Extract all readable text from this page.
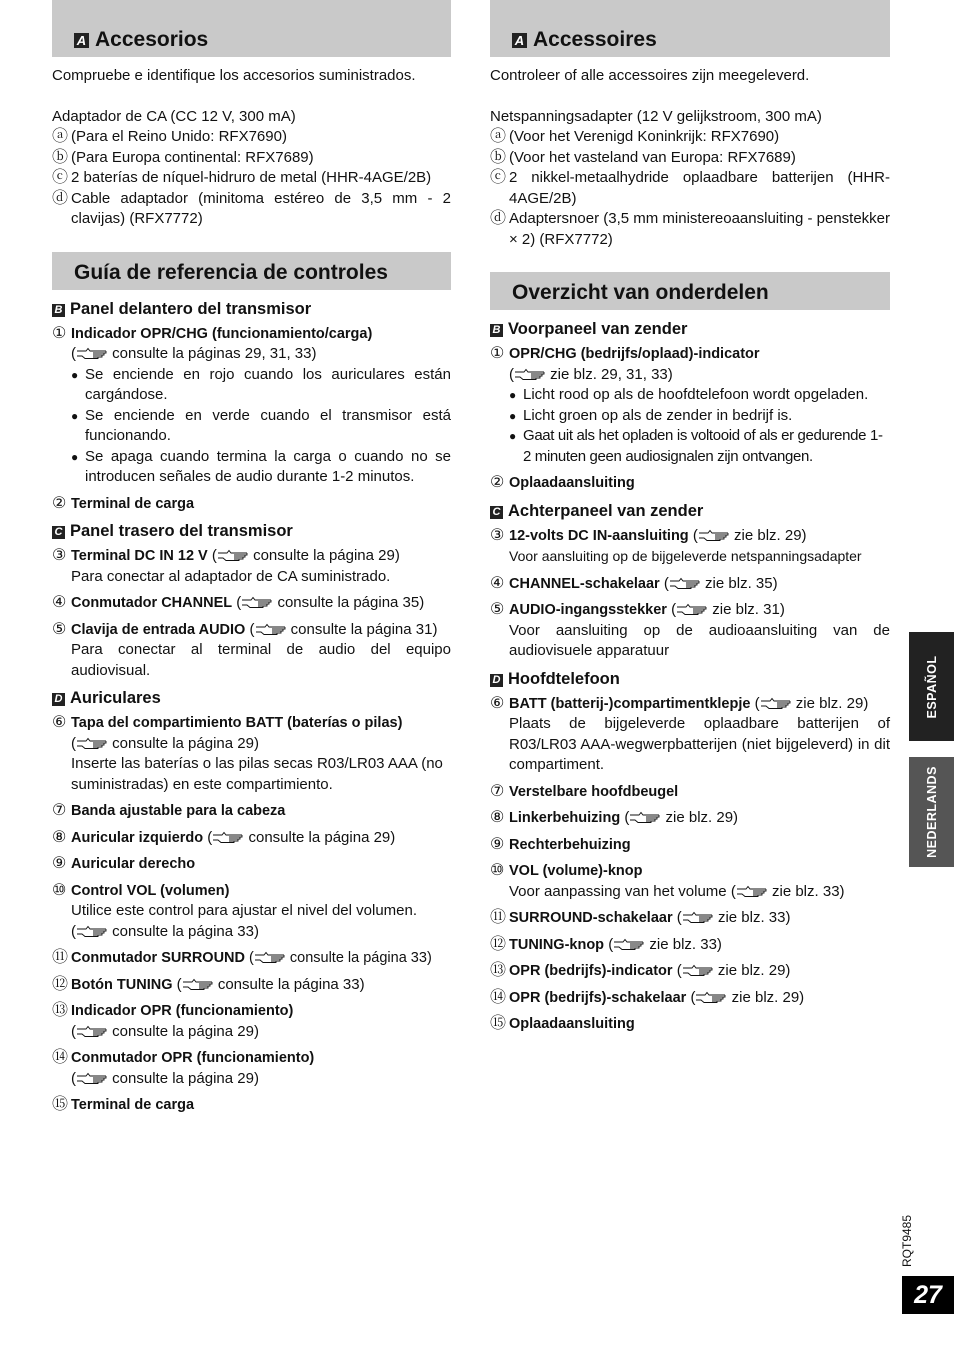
A Accesorios

Compruebe e identifique los accesorios suministrados.

Adaptador de CA (CC 12 V, 300 mA)

ⓐ (Para el Reino Unido: RFX7690)
ⓑ (Para Europa continental: RFX7689)
ⓒ 2 baterías de níquel-hidruro de metal (HHR-4AGE/2B)
ⓓ Cable adaptador (minitoma estéreo de 3,5 mm - 2 clavijas) (RFX7772)
Guía de referencia de controles
B Panel delantero del transmisor
① Indicador OPR/CHG (funcionamiento/carga)
( consulte la páginas 29, 31, 33)
● Se enciende en rojo cuando los auriculares están cargándose.
● Se enciende en verde cuando el transmisor está funcionando.
● Se apaga cuando termina la carga o cuando no se introducen señales de audio durante 1-2 minutos.
② Terminal de carga
C Panel trasero del transmisor
③ Terminal DC IN 12 V ( consulte la página 29)
Para conectar al adaptador de CA suministrado.
④ Conmutador CHANNEL ( consulte la página 35)
⑤ Clavija de entrada AUDIO ( consulte la página 31)
Para conectar al terminal de audio del equipo audiovisual.
D Auriculares
⑥ Tapa del compartimiento BATT (baterías o pilas)
( consulte la página 29)
Inserte las baterías o las pilas secas R03/LR03 AAA (no suministradas) en este compartimiento.
⑦ Banda ajustable para la cabeza
⑧ Auricular izquierdo ( consulte la página 29)
⑨ Auricular derecho
⑩ Control VOL (volumen)
Utilice este control para ajustar el nivel del volumen.
( consulte la página 33)
⑪ Conmutador SURROUND ( consulte la página 33)
⑫ Botón TUNING ( consulte la página 33)
⑬ Indicador OPR (funcionamiento)
( consulte la página 29)
⑭ Conmutador OPR (funcionamiento)
( consulte la página 29)
⑮ Terminal de carga
A Accessoires

Controleer of alle accessoires zijn meegeleverd.

Netspanningsadapter (12 V gelijkstroom, 300 mA)

ⓐ (Voor het Verenigd Koninkrijk: RFX7690)
ⓑ (Voor het vasteland van Europa: RFX7689)
ⓒ 2 nikkel-metaalhydride oplaadbare batterijen (HHR-4AGE/2B)
ⓓ Adaptersnoer (3,5 mm ministereoaansluiting - penstekker × 2) (RFX7772)
Overzicht van onderdelen
B Voorpaneel van zender
① OPR/CHG (bedrijfs/oplaad)-indicator
( zie blz. 29, 31, 33)
● Licht rood op als de hoofdtelefoon wordt opgeladen.
● Licht groen op als de zender in bedrijf is.
● Gaat uit als het opladen is voltooid of als er gedurende 1-2 minuten geen audiosignalen zijn ontvangen.
② Oplaadaansluiting
C Achterpaneel van zender
③ 12-volts DC IN-aansluiting ( zie blz. 29)
Voor aansluiting op de bijgeleverde netspanningsadapter
④ CHANNEL-schakelaar ( zie blz. 35)
⑤ AUDIO-ingangsstekker ( zie blz. 31)
Voor aansluiting op de audioaansluiting van de audiovisuele apparatuur
D Hoofdtelefoon
⑥ BATT (batterij-)compartimentklepje ( zie blz. 29)
Plaats de bijgeleverde oplaadbare batterijen of R03/LR03 AAA-wegwerpbatterijen (niet bijgeleverd) in dit compartiment.
⑦ Verstelbare hoofdbeugel
⑧ Linkerbehuizing ( zie blz. 29)
⑨ Rechterbehuizing
⑩ VOL (volume)-knop
Voor aanpassing van het volume ( zie blz. 33)
⑪ SURROUND-schakelaar ( zie blz. 33)
⑫ TUNING-knop ( zie blz. 33)
⑬ OPR (bedrijfs)-indicator ( zie blz. 29)
⑭ OPR (bedrijfs)-schakelaar ( zie blz. 29)
⑮ Oplaadaansluiting
ESPAÑOL
NEDERLANDS
RQT9485
27
